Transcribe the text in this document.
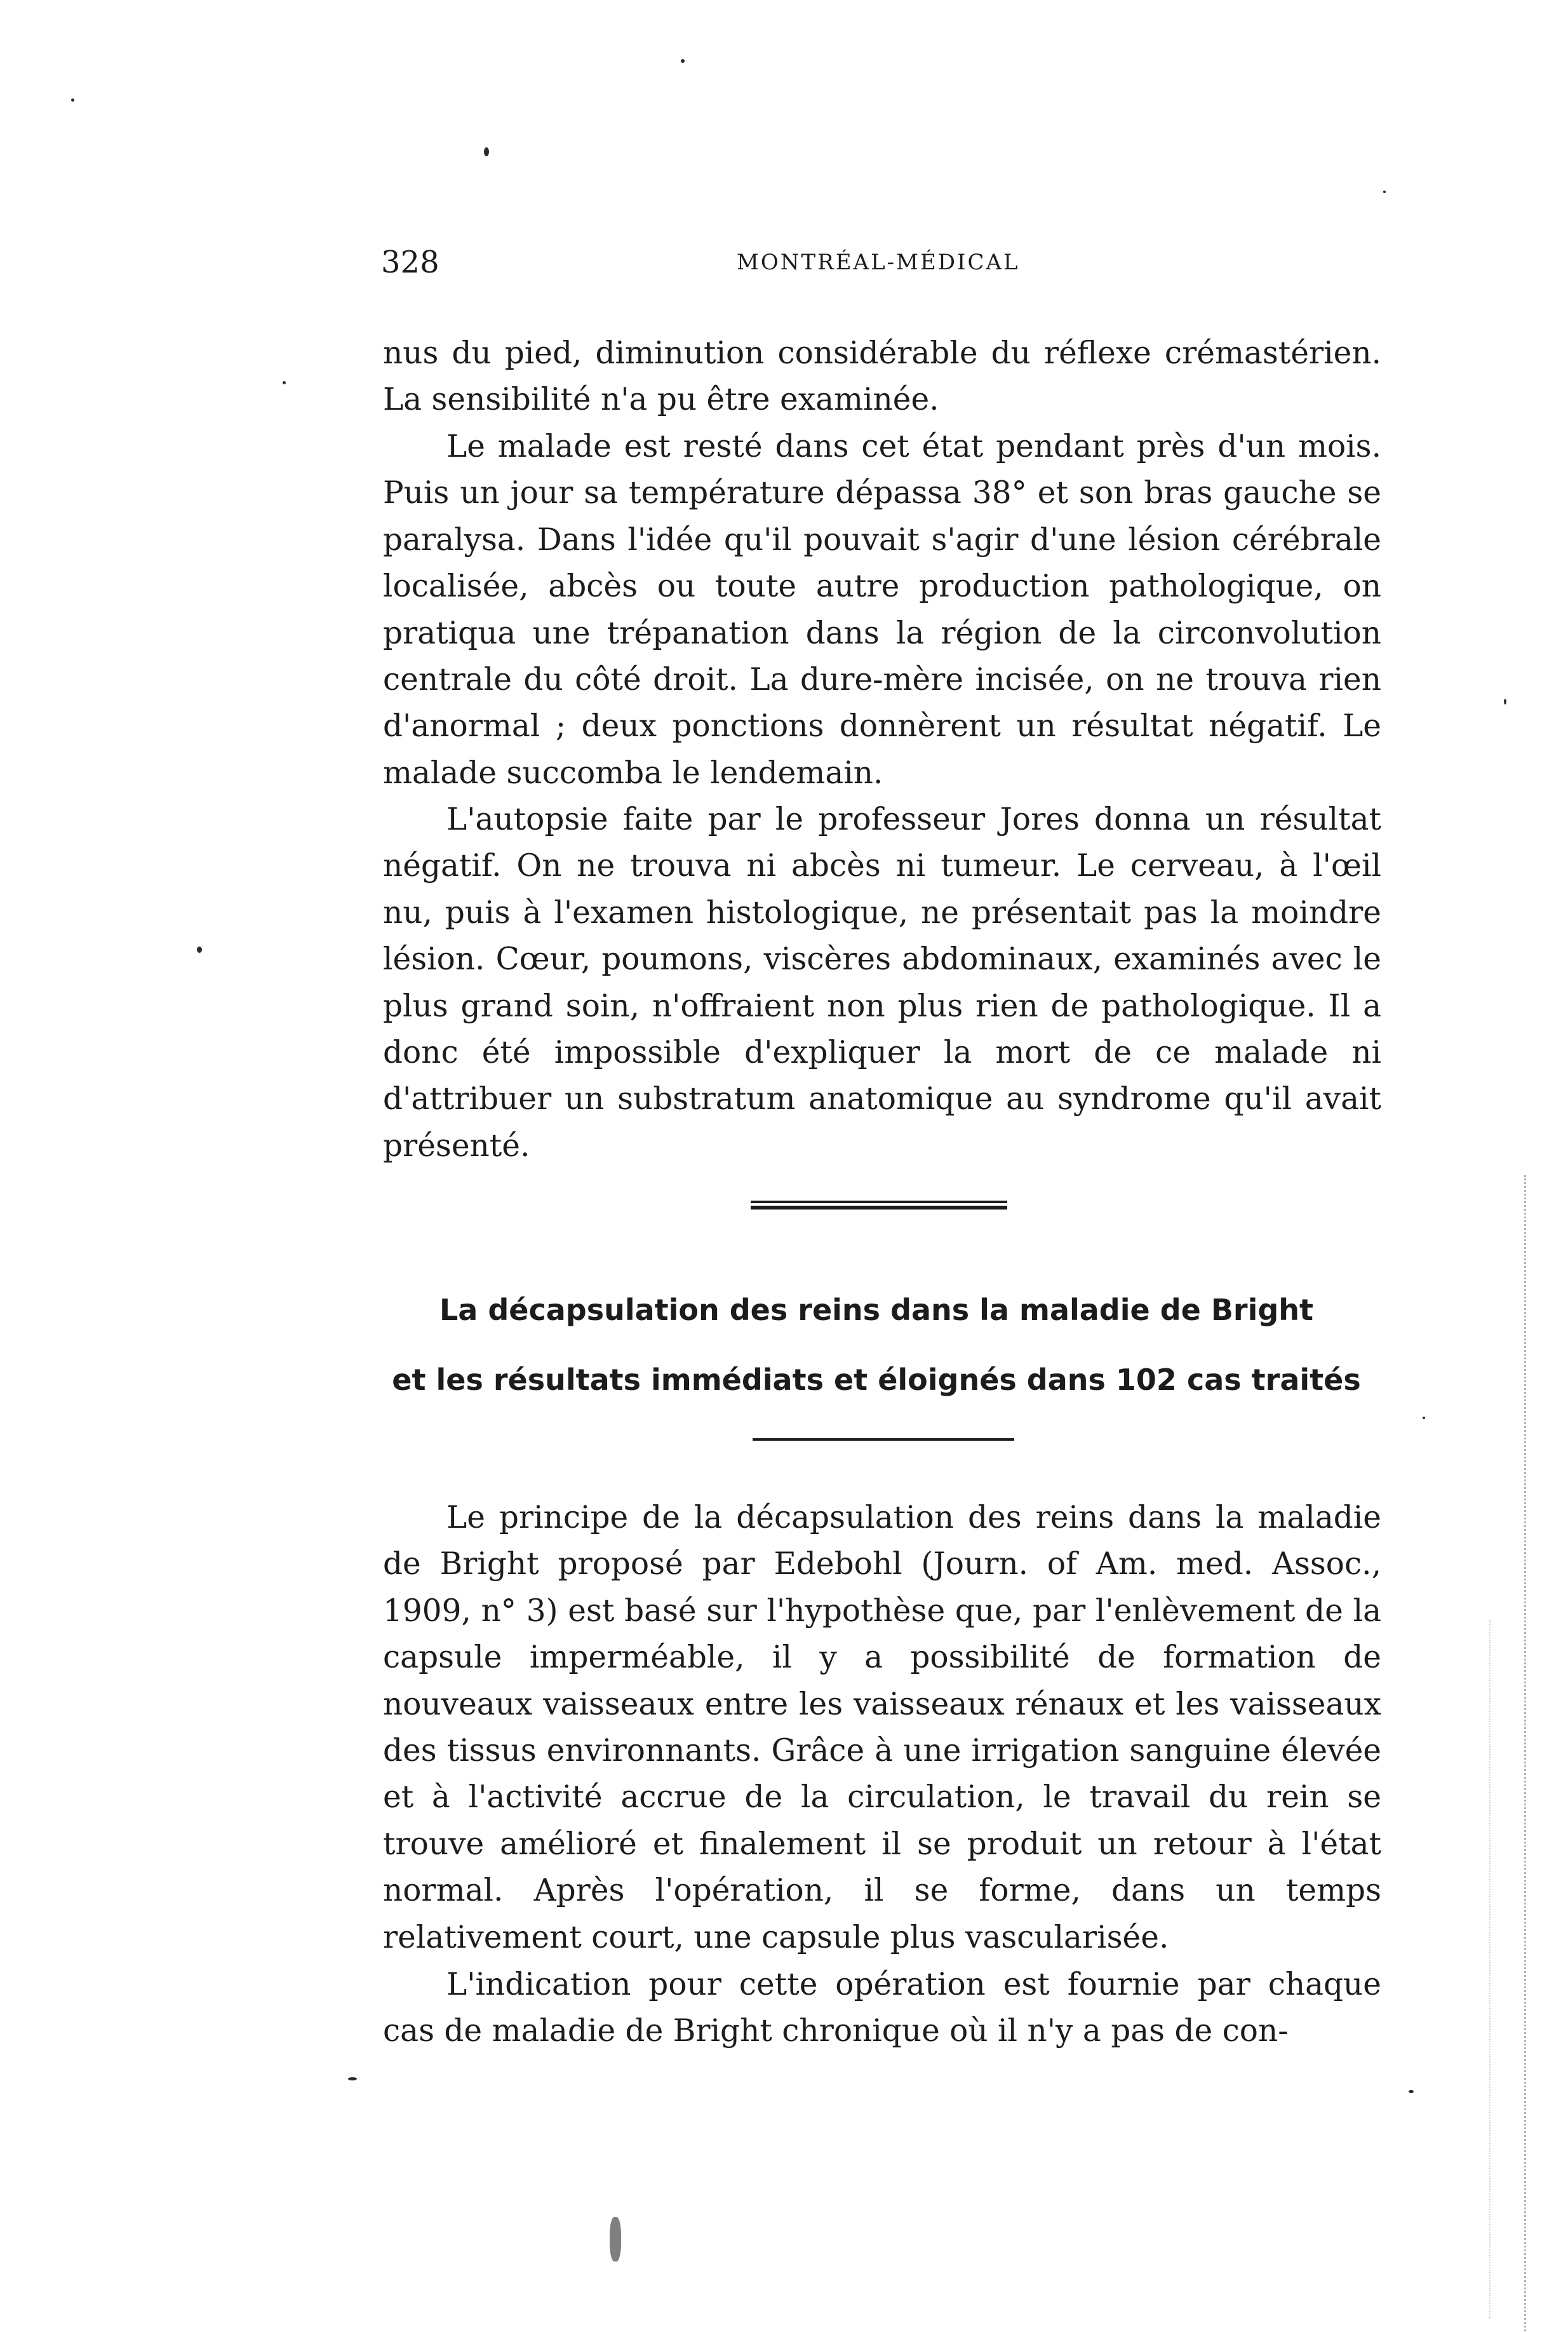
328	MONTRÉAL-MÉDICAL

nus du pied, diminution considérable du réflexe crémastérien. La sensibilité n'a pu être examinée.

Le malade est resté dans cet état pendant près d'un mois. Puis un jour sa température dépassa 38° et son bras gauche se paralysa. Dans l'idée qu'il pouvait s'agir d'une lésion cérébrale localisée, abcès ou toute autre production pathologique, on pratiqua une trépanation dans la région de la circonvolution centrale du côté droit. La dure-mère incisée, on ne trouva rien d'anormal ; deux ponctions donnèrent un résultat négatif. Le malade succomba le lendemain.

L'autopsie faite par le professeur Jores donna un résultat négatif. On ne trouva ni abcès ni tumeur. Le cerveau, à l'œil nu, puis à l'examen histologique, ne présentait pas la moindre lésion. Cœur, poumons, viscères abdominaux, examinés avec le plus grand soin, n'offraient non plus rien de pathologique. Il a donc été impossible d'expliquer la mort de ce malade ni d'attribuer un substratum anatomique au syndrome qu'il avait présenté.

La décapsulation des reins dans la maladie de Bright
et les résultats immédiats et éloignés dans 102 cas traités

Le principe de la décapsulation des reins dans la maladie de Bright proposé par Edebohl (Journ. of Am. med. Assoc., 1909, n° 3) est basé sur l'hypothèse que, par l'enlèvement de la capsule imperméable, il y a possibilité de formation de nouveaux vaisseaux entre les vaisseaux rénaux et les vaisseaux des tissus environnants. Grâce à une irrigation sanguine élevée et à l'activité accrue de la circulation, le travail du rein se trouve amélioré et finalement il se produit un retour à l'état normal. Après l'opération, il se forme, dans un temps relativement court, une capsule plus vascularisée.

L'indication pour cette opération est fournie par chaque cas de maladie de Bright chronique où il n'y a pas de con-
